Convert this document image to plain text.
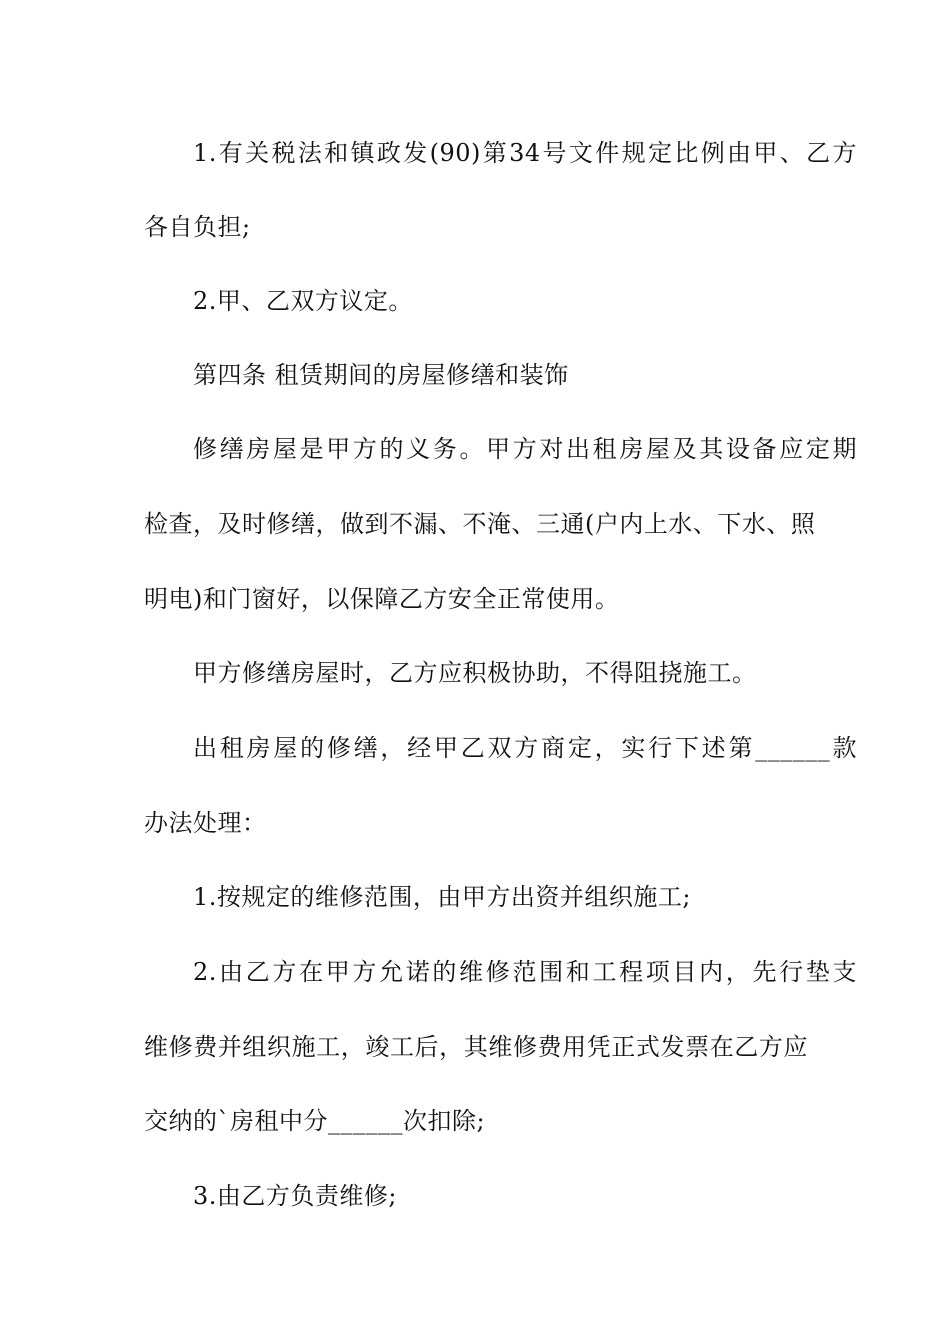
1.有关税法和镇政发(90)第34号文件规定比例由甲、乙方
各自负担;
2.甲、乙双方议定。
第四条 租赁期间的房屋修缮和装饰
修缮房屋是甲方的义务。甲方对出租房屋及其设备应定期
检查，及时修缮，做到不漏、不淹、三通(户内上水、下水、照
明电)和门窗好，以保障乙方安全正常使用。
甲方修缮房屋时，乙方应积极协助，不得阻挠施工。
出租房屋的修缮，经甲乙双方商定，实行下述第______款
办法处理：
1.按规定的维修范围，由甲方出资并组织施工;
2.由乙方在甲方允诺的维修范围和工程项目内，先行垫支
维修费并组织施工，竣工后，其维修费用凭正式发票在乙方应
交纳的`房租中分______次扣除;
3.由乙方负责维修;
